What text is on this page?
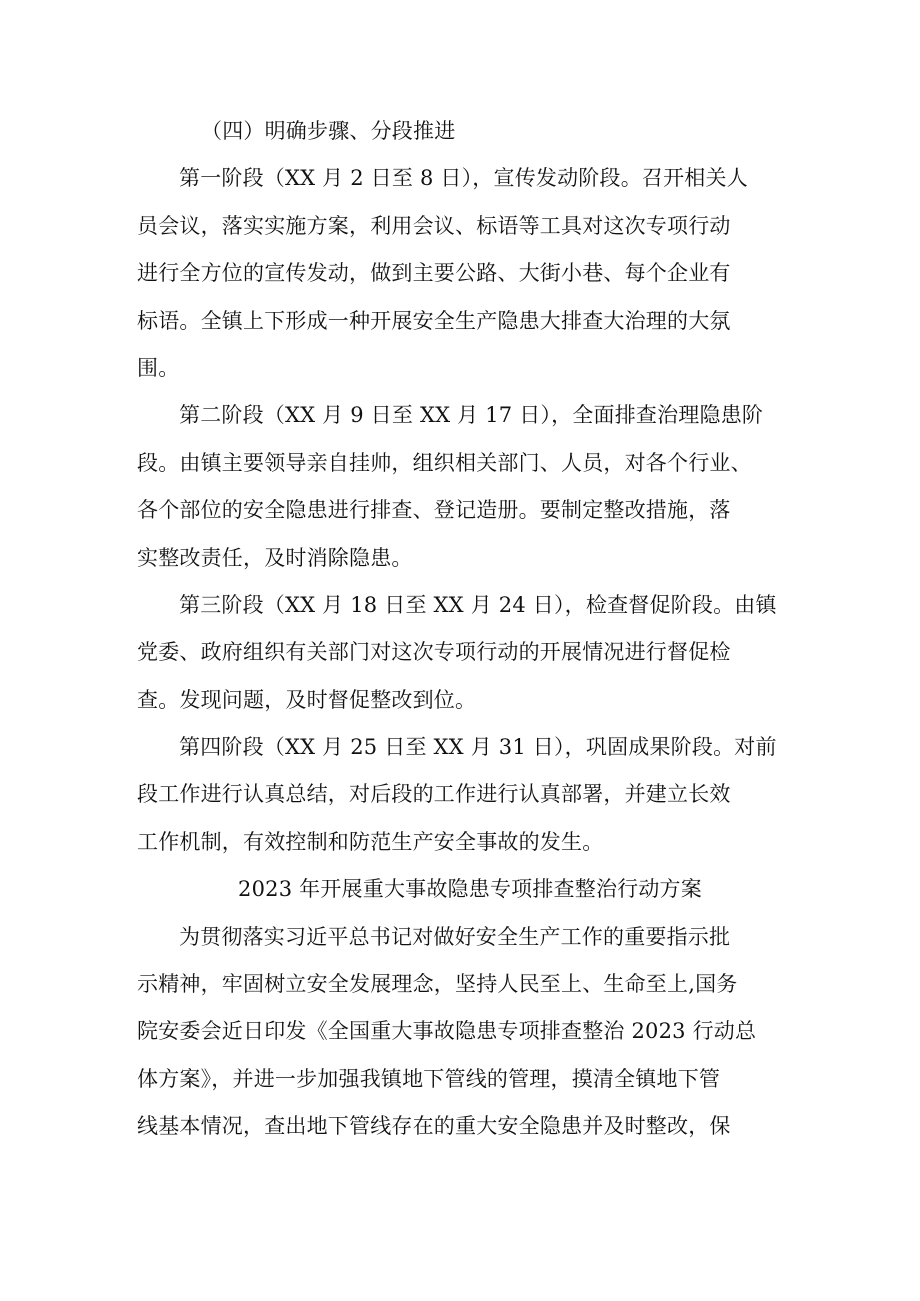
（四）明确步骤、分段推进
第一阶段（XX 月 2 日至 8 日），宣传发动阶段。召开相关人
员会议，落实实施方案，利用会议、标语等工具对这次专项行动
进行全方位的宣传发动，做到主要公路、大街小巷、每个企业有
标语。全镇上下形成一种开展安全生产隐患大排查大治理的大氛
围。
第二阶段（XX 月 9 日至 XX 月 17 日），全面排查治理隐患阶
段。由镇主要领导亲自挂帅，组织相关部门、人员，对各个行业、
各个部位的安全隐患进行排查、登记造册。要制定整改措施，落
实整改责任，及时消除隐患。
第三阶段（XX 月 18 日至 XX 月 24 日），检查督促阶段。由镇
党委、政府组织有关部门对这次专项行动的开展情况进行督促检
查。发现问题，及时督促整改到位。
第四阶段（XX 月 25 日至 XX 月 31 日），巩固成果阶段。对前
段工作进行认真总结，对后段的工作进行认真部署，并建立长效
工作机制，有效控制和防范生产安全事故的发生。
2023 年开展重大事故隐患专项排查整治行动方案
为贯彻落实习近平总书记对做好安全生产工作的重要指示批
示精神，牢固树立安全发展理念，坚持人民至上、生命至上,国务
院安委会近日印发《全国重大事故隐患专项排查整治 2023 行动总
体方案》，并进一步加强我镇地下管线的管理，摸清全镇地下管
线基本情况，查出地下管线存在的重大安全隐患并及时整改，保
